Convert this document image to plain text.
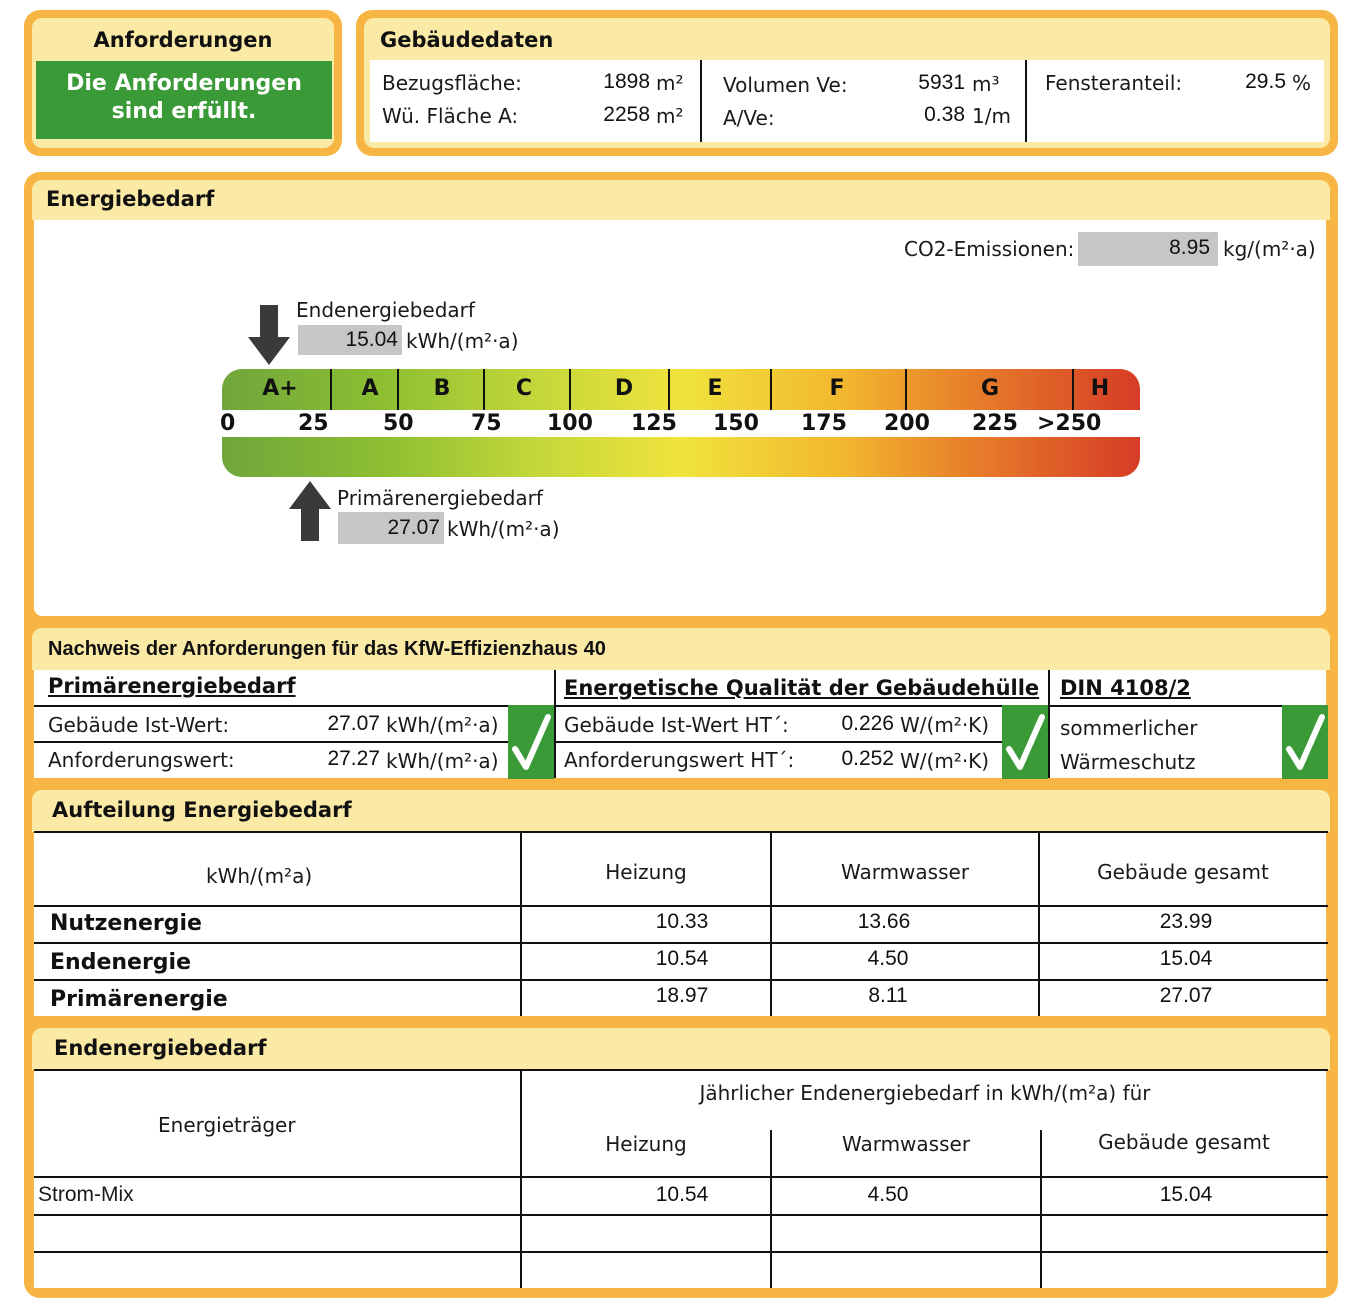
Anforderungen
Die Anforderungen
sind erfüllt.
Gebäudedaten
Bezugsfläche:	1898 m²
Wü. Fläche A:	2258 m²
Volumen Ve:	5931 m³
A/Ve:	0.38 1/m
Fensteranteil:	29.5 %
Energiebedarf
CO2-Emissionen:	8.95 kg/(m²·a)
Endenergiebedarf
15.04 kWh/(m²·a)
A+	A	B	C	D	E	F	G	H
0	25 50	75 100 125 150 175 200 225 >250
Primärenergiebedarf
27.07 kWh/(m²·a)
Nachweis der Anforderungen für das KfW-Effizienzhaus 40
Primärenergiebedarf
Gebäude Ist-Wert:	27.07 kWh/(m²·a)
Anforderungswert:	27.27 kWh/(m²·a)
Energetische Qualität der Gebäudehülle
Gebäude Ist-Wert HT´:	0.226 W/(m²·K)
Anforderungswert HT´:	0.252 W/(m²·K)
DIN 4108/2
sommerlicher
Wärmeschutz
Aufteilung Energiebedarf
kWh/(m²a)	Heizung	Warmwasser	Gebäude gesamt
Nutzenergie	10.33	13.66	23.99
Endenergie	10.54	4.50	15.04
Primärenergie	18.97	8.11	27.07
Endenergiebedarf
Energieträger
Jährlicher Endenergiebedarf in kWh/(m²a) für
Heizung	Warmwasser	Gebäude gesamt
Strom-Mix	10.54	4.50	15.04
